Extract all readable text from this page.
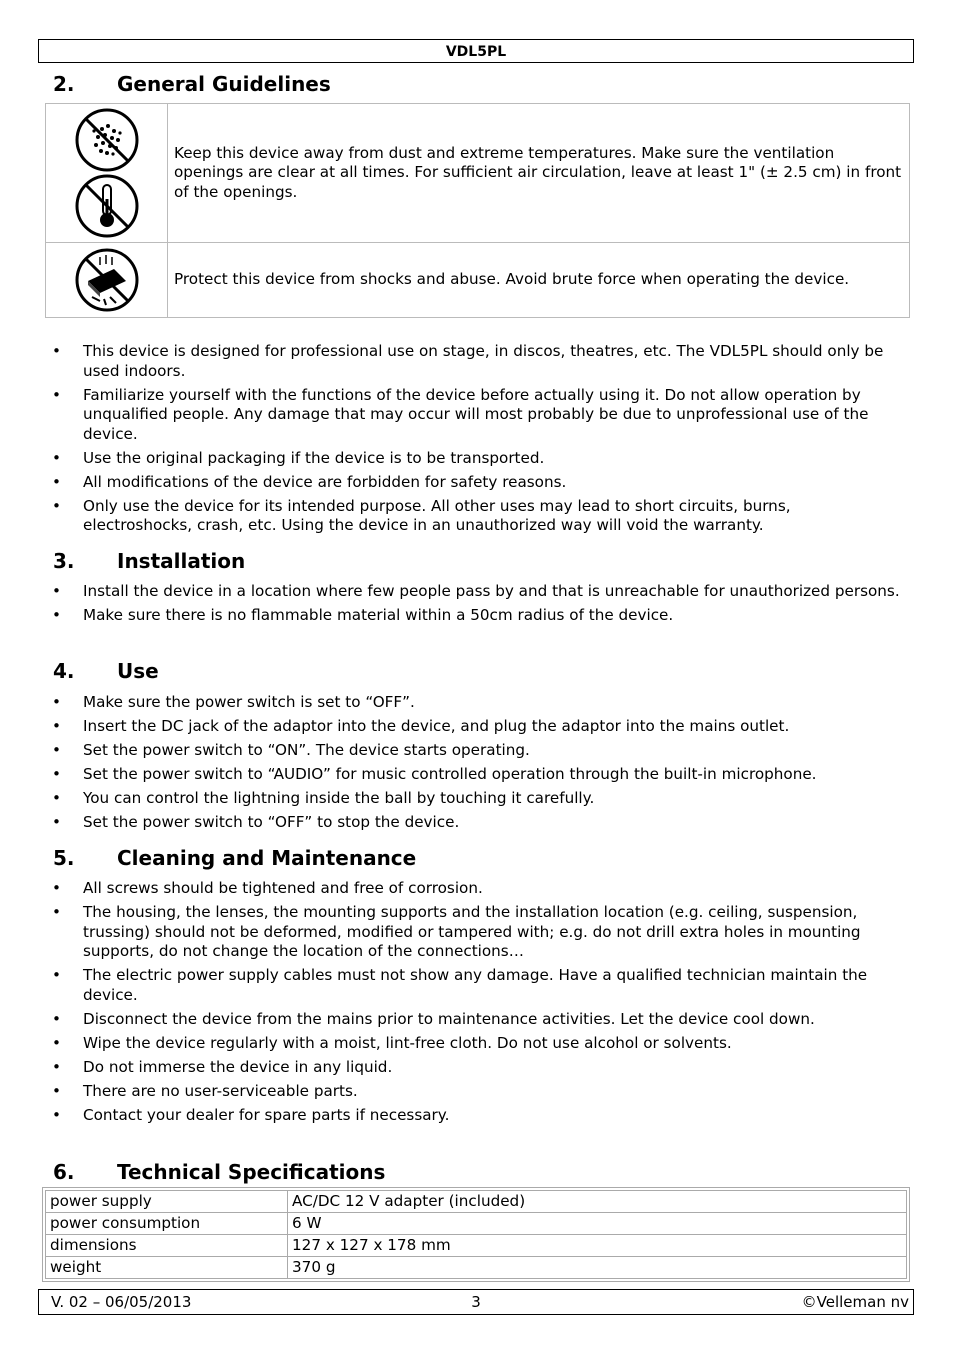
VDL5PL
2. General Guidelines
	Keep this device away from dust and extreme temperatures. Make sure the ventilation openings are clear at all times. For sufficient air circulation, leave at least 1" (± 2.5 cm) in front of the openings.

	Protect this device from shocks and abuse. Avoid brute force when operating the device.
• This device is designed for professional use on stage, in discos, theatres, etc. The VDL5PL should only be used indoors.
• Familiarize yourself with the functions of the device before actually using it. Do not allow operation by unqualified people. Any damage that may occur will most probably be due to unprofessional use of the device.
• Use the original packaging if the device is to be transported.
• All modifications of the device are forbidden for safety reasons.
• Only use the device for its intended purpose. All other uses may lead to short circuits, burns, electroshocks, crash, etc. Using the device in an unauthorized way will void the warranty.
3. Installation
• Install the device in a location where few people pass by and that is unreachable for unauthorized persons.
• Make sure there is no flammable material within a 50cm radius of the device.
4. Use
• Make sure the power switch is set to “OFF”.
• Insert the DC jack of the adaptor into the device, and plug the adaptor into the mains outlet.
• Set the power switch to “ON”. The device starts operating.
• Set the power switch to “AUDIO” for music controlled operation through the built-in microphone.
• You can control the lightning inside the ball by touching it carefully.
• Set the power switch to “OFF” to stop the device.
5. Cleaning and Maintenance
• All screws should be tightened and free of corrosion.
• The housing, the lenses, the mounting supports and the installation location (e.g. ceiling, suspension, trussing) should not be deformed, modified or tampered with; e.g. do not drill extra holes in mounting supports, do not change the location of the connections…
• The electric power supply cables must not show any damage. Have a qualified technician maintain the device.
• Disconnect the device from the mains prior to maintenance activities. Let the device cool down.
• Wipe the device regularly with a moist, lint-free cloth. Do not use alcohol or solvents.
• Do not immerse the device in any liquid.
• There are no user-serviceable parts.
• Contact your dealer for spare parts if necessary.
6. Technical Specifications
power supply	AC/DC 12 V adapter (included)
power consumption	6 W
dimensions	127 x 127 x 178 mm
weight	370 g
3
V. 02 – 06/05/2013	©Velleman nv
